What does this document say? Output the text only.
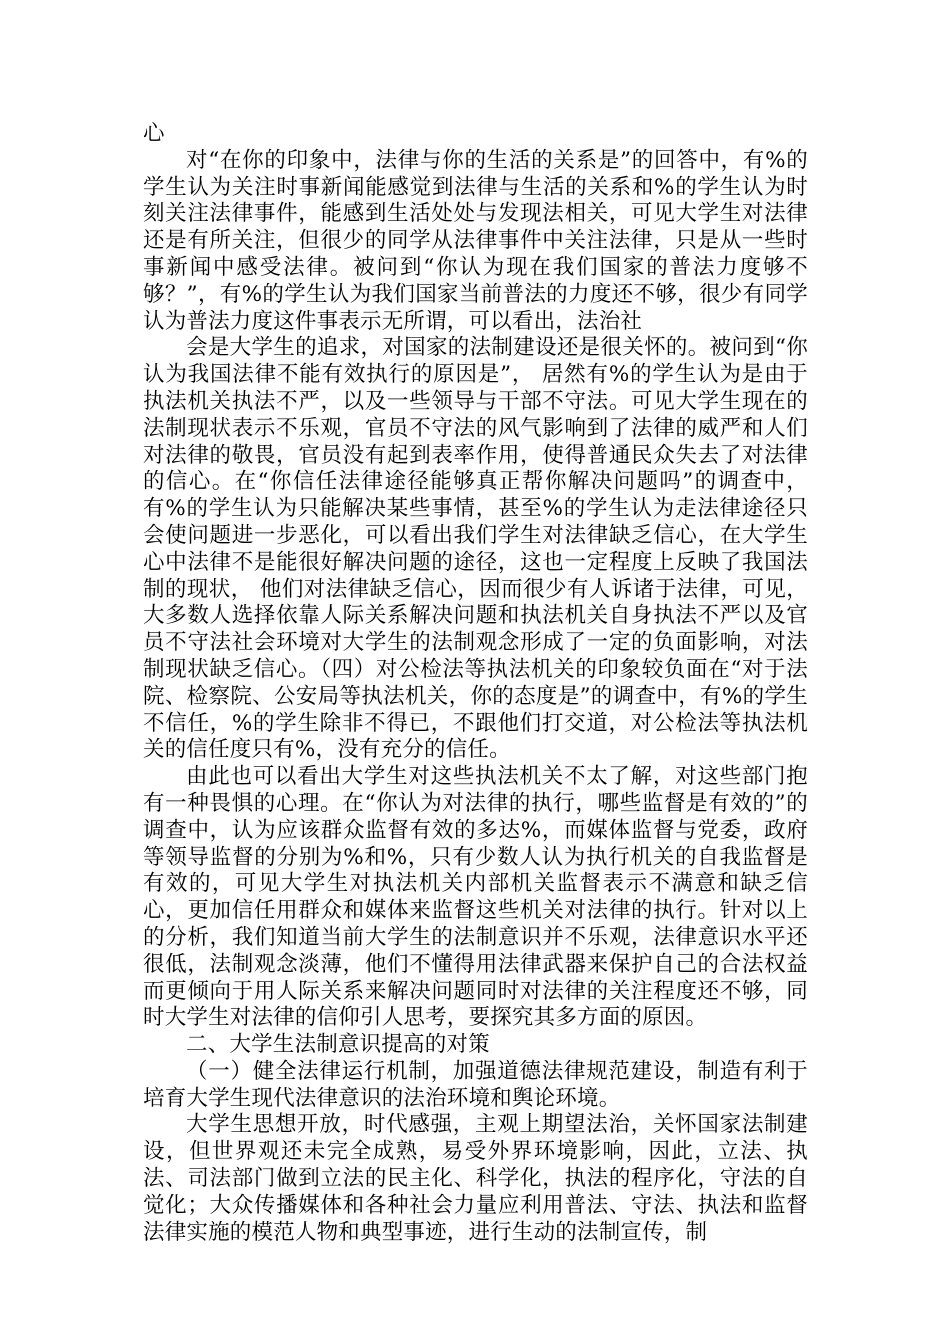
心

对“在你的印象中，法律与你的生活的关系是”的回答中，有%的学生认为关注时事新闻能感觉到法律与生活的关系和%的学生认为时刻关注法律事件，能感到生活处处与发现法相关，可见大学生对法律还是有所关注，但很少的同学从法律事件中关注法律，只是从一些时事新闻中感受法律。被问到“你认为现在我们国家的普法力度够不够？”，有%的学生认为我们国家当前普法的力度还不够，很少有同学认为普法力度这件事表示无所谓，可以看出，法治社

会是大学生的追求，对国家的法制建设还是很关怀的。被问到“你认为我国法律不能有效执行的原因是”， 居然有%的学生认为是由于执法机关执法不严，以及一些领导与干部不守法。可见大学生现在的法制现状表示不乐观，官员不守法的风气影响到了法律的威严和人们对法律的敬畏，官员没有起到表率作用，使得普通民众失去了对法律的信心。在“你信任法律途径能够真正帮你解决问题吗”的调查中，有%的学生认为只能解决某些事情，甚至%的学生认为走法律途径只会使问题进一步恶化，可以看出我们学生对法律缺乏信心，在大学生心中法律不是能很好解决问题的途径，这也一定程度上反映了我国法制的现状， 他们对法律缺乏信心，因而很少有人诉诸于法律，可见，大多数人选择依靠人际关系解决问题和执法机关自身执法不严以及官员不守法社会环境对大学生的法制观念形成了一定的负面影响，对法制现状缺乏信心。（四）对公检法等执法机关的印象较负面在“对于法院、检察院、公安局等执法机关，你的态度是”的调查中，有%的学生不信任，%的学生除非不得已，不跟他们打交道，对公检法等执法机关的信任度只有%，没有充分的信任。

由此也可以看出大学生对这些执法机关不太了解，对这些部门抱有一种畏惧的心理。在“你认为对法律的执行，哪些监督是有效的”的调查中，认为应该群众监督有效的多达%，而媒体监督与党委，政府等领导监督的分别为%和%，只有少数人认为执行机关的自我监督是有效的，可见大学生对执法机关内部机关监督表示不满意和缺乏信心，更加信任用群众和媒体来监督这些机关对法律的执行。针对以上的分析，我们知道当前大学生的法制意识并不乐观，法律意识水平还很低，法制观念淡薄，他们不懂得用法律武器来保护自己的合法权益而更倾向于用人际关系来解决问题同时对法律的关注程度还不够，同时大学生对法律的信仰引人思考，要探究其多方面的原因。

二、大学生法制意识提高的对策

（一）健全法律运行机制，加强道德法律规范建设，制造有利于培育大学生现代法律意识的法治环境和舆论环境。

大学生思想开放，时代感强，主观上期望法治，关怀国家法制建设，但世界观还未完全成熟，易受外界环境影响，因此，立法、执法、司法部门做到立法的民主化、科学化，执法的程序化，守法的自觉化；大众传播媒体和各种社会力量应利用普法、守法、执法和监督法律实施的模范人物和典型事迹，进行生动的法制宣传，制
